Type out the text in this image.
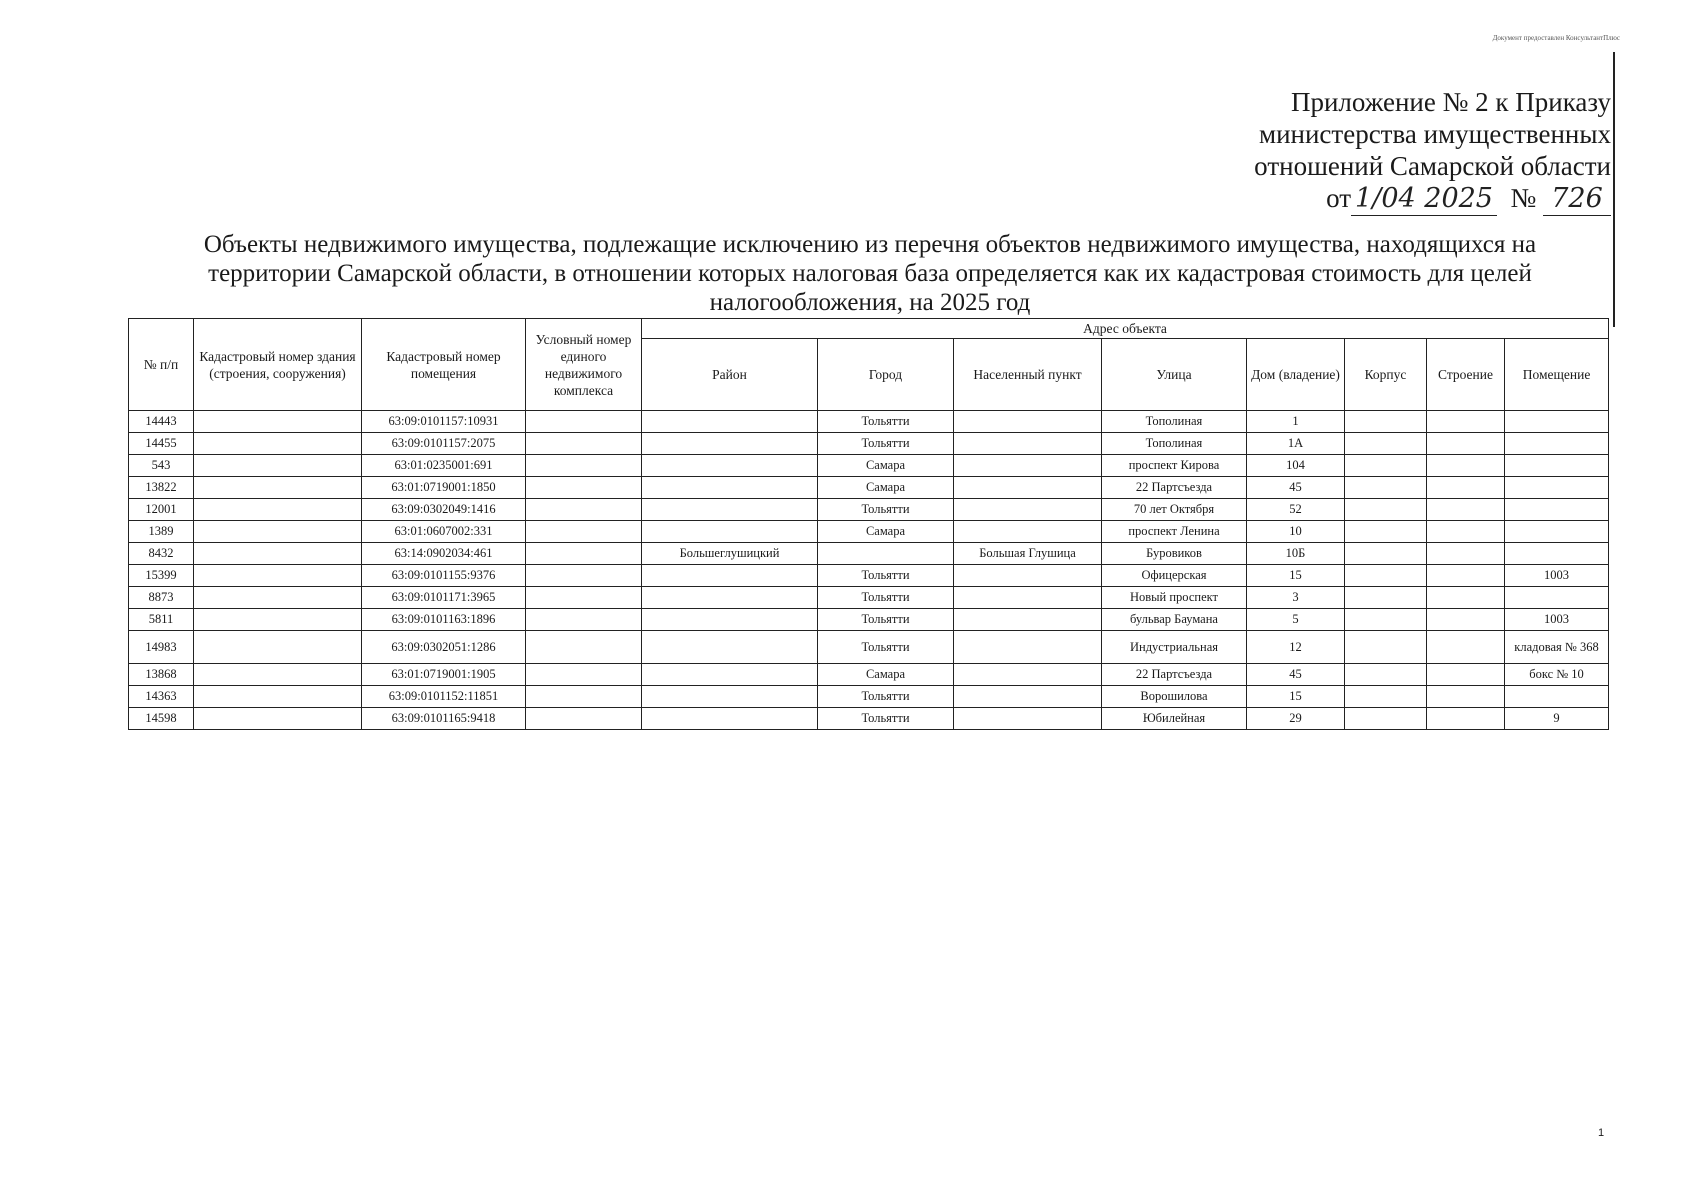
Документ предоставлен КонсультантПлюс
Приложение № 2 к Приказу
министерства имущественных
отношений Самарской области
от 1/04 2025 № 726
Объекты недвижимого имущества, подлежащие исключению из перечня объектов недвижимого имущества, находящихся на
территории Самарской области, в отношении которых налоговая база определяется как их кадастровая стоимость для целей
налогообложения, на 2025 год
№ п/п	Кадастровый номер здания (строения, сооружения)	Кадастровый номер помещения	Условный номер единого недвижимого комплекса	Адрес объекта							
				Район	Город	Населенный пункт	Улица	Дом (владение)	Корпус	Строение	Помещение
14443		63:09:0101157:10931			Тольятти		Тополиная	1			
14455		63:09:0101157:2075			Тольятти		Тополиная	1А			
543		63:01:0235001:691			Самара		проспект Кирова	104			
13822		63:01:0719001:1850			Самара		22 Партсъезда	45			
12001		63:09:0302049:1416			Тольятти		70 лет Октября	52			
1389		63:01:0607002:331			Самара		проспект Ленина	10			
8432		63:14:0902034:461		Большеглушицкий		Большая Глушица	Буровиков	10Б			
15399		63:09:0101155:9376			Тольятти		Офицерская	15			1003
8873		63:09:0101171:3965			Тольятти		Новый проспект	3			
5811		63:09:0101163:1896			Тольятти		бульвар Баумана	5			1003
14983		63:09:0302051:1286			Тольятти		Индустриальная	12			кладовая № 368
13868		63:01:0719001:1905			Самара		22 Партсъезда	45			бокс № 10
14363		63:09:0101152:11851			Тольятти		Ворошилова	15			
14598		63:09:0101165:9418			Тольятти		Юбилейная	29			9
1
